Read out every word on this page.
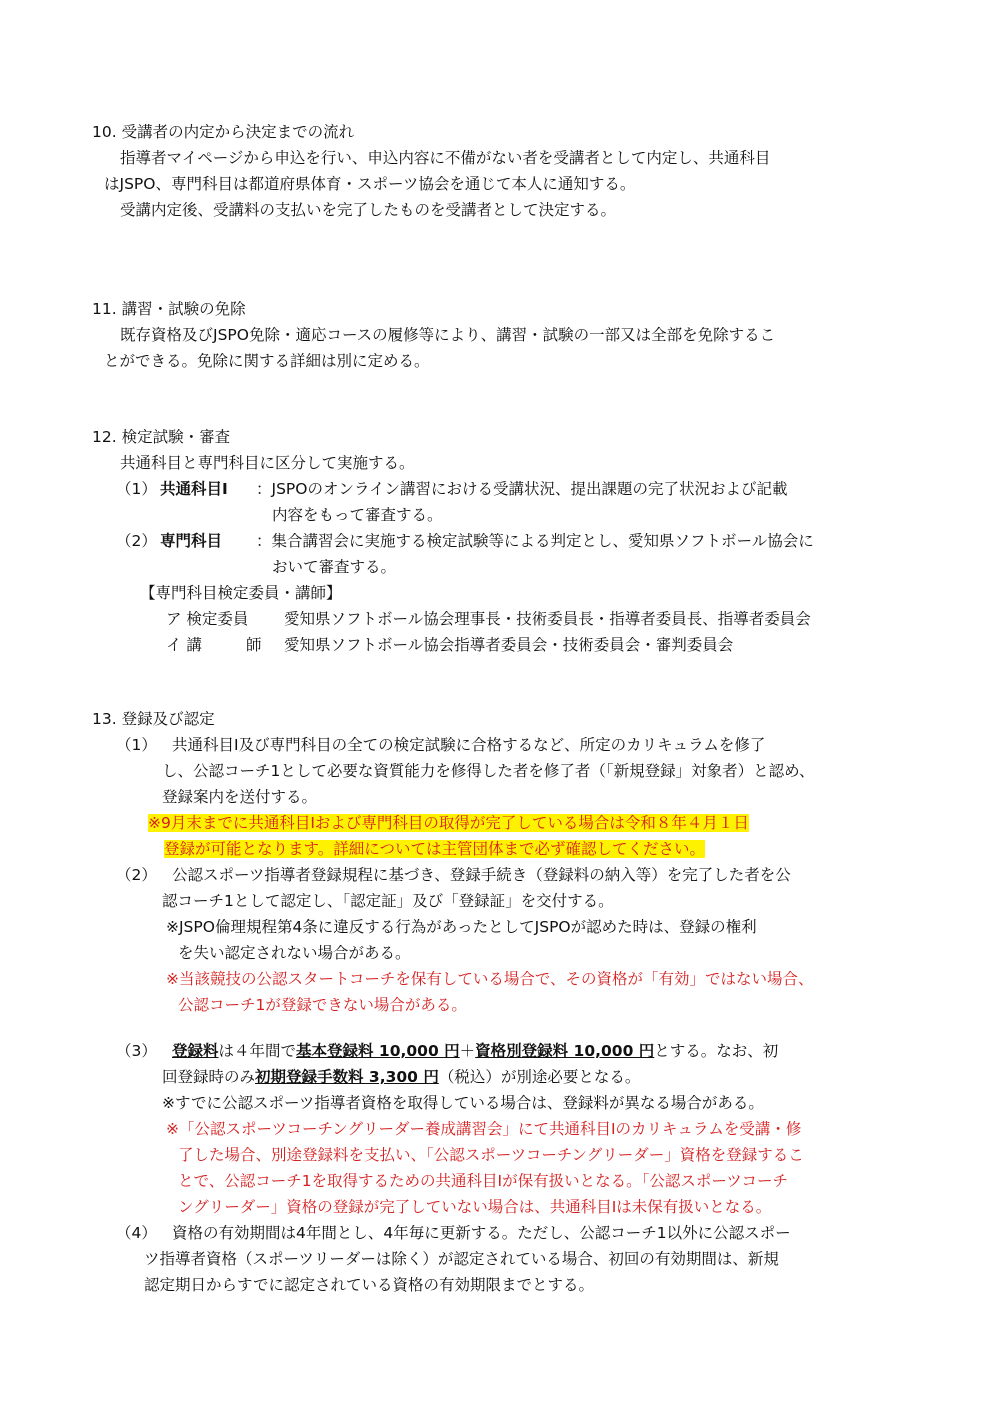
10. 受講者の内定から決定までの流れ
指導者マイページから申込を行い、申込内容に不備がない者を受講者として内定し、共通科目
はJSPO、専門科目は都道府県体育・スポーツ協会を通じて本人に通知する。
受講内定後、受講料の支払いを完了したものを受講者として決定する。
11. 講習・試験の免除
既存資格及びJSPO免除・適応コースの履修等により、講習・試験の一部又は全部を免除するこ
とができる。免除に関する詳細は別に定める。
12. 検定試験・審査
共通科目と専門科目に区分して実施する。
（1） 共通科目Ⅰ ：JSPOのオンライン講習における受講状況、提出課題の完了状況および記載
内容をもって審査する。
（2） 専門科目 ：集合講習会に実施する検定試験等による判定とし、愛知県ソフトボール協会に
おいて審査する。
【専門科目検定委員・講師】
ア 検定委員 愛知県ソフトボール協会理事長・技術委員長・指導者委員長、指導者委員会
イ 講	師 愛知県ソフトボール協会指導者委員会・技術委員会・審判委員会
13. 登録及び認定
（1） 共通科目Ⅰ及び専門科目の全ての検定試験に合格するなど、所定のカリキュラムを修了
し、公認コーチ1として必要な資質能力を修得した者を修了者（「新規登録」対象者）と認め、
登録案内を送付する。
※9月末までに共通科目Ⅰおよび専門科目の取得が完了している場合は令和８年４月１日
登録が可能となります。詳細については主管団体まで必ず確認してください。
（2） 公認スポーツ指導者登録規程に基づき、登録手続き（登録料の納入等）を完了した者を公
認コーチ1として認定し、「認定証」及び「登録証」を交付する。
※JSPO倫理規程第4条に違反する行為があったとしてJSPOが認めた時は、登録の権利
を失い認定されない場合がある。
※当該競技の公認スタートコーチを保有している場合で、その資格が「有効」ではない場合、
公認コーチ1が登録できない場合がある。
（3） 登録料は４年間で基本登録料 10,000 円＋資格別登録料 10,000 円とする。なお、初
回登録時のみ初期登録手数料 3,300 円（税込）が別途必要となる。
※すでに公認スポーツ指導者資格を取得している場合は、登録料が異なる場合がある。
※「公認スポーツコーチングリーダー養成講習会」にて共通科目Ⅰのカリキュラムを受講・修
了した場合、別途登録料を支払い、「公認スポーツコーチングリーダー」資格を登録するこ
とで、公認コーチ1を取得するための共通科目Ⅰが保有扱いとなる。「公認スポーツコーチ
ングリーダー」資格の登録が完了していない場合は、共通科目Ⅰは未保有扱いとなる。
（4） 資格の有効期間は4年間とし、4年毎に更新する。ただし、公認コーチ1以外に公認スポー
ツ指導者資格（スポーツリーダーは除く）が認定されている場合、初回の有効期間は、新規
認定期日からすでに認定されている資格の有効期限までとする。
